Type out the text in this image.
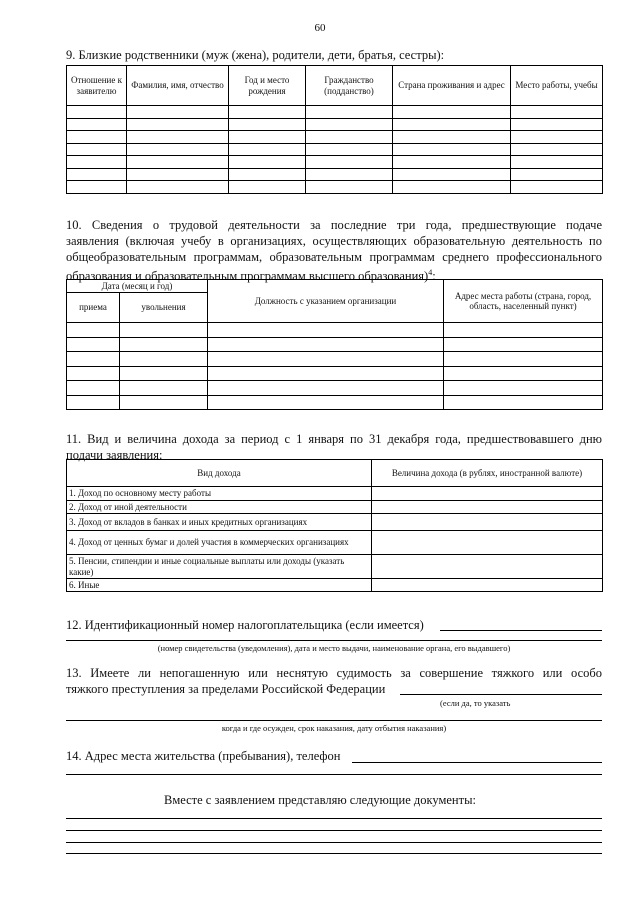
60
9. Близкие родственники (муж (жена), родители, дети, братья, сестры):
Отношение к заявителю	Фамилия, имя, отчество	Год и место рождения	Гражданство (подданство)	Страна проживания и адрес	Место работы, учебы

10. Сведения о трудовой деятельности за последние три года, предшествующие подаче
заявления (включая учебу в организациях, осуществляющих образовательную деятельность по
общеобразовательным программам, образовательным программам среднего профессионального
образования и образовательным программам высшего образования)$^4$:
Дата (месяц и год)		Должность с указанием организации	Адрес места работы (страна, город, область, населенный пункт)
приема	увольнения		

11. Вид и величина дохода за период с 1 января по 31 декабря года, предшествовавшего дню
подачи заявления:
Вид дохода	Величина дохода (в рублях, иностранной валюте)
1. Доход по основному месту работы	
2. Доход от иной деятельности	
3. Доход от вкладов в банках и иных кредитных организациях	
4. Доход от ценных бумаг и долей участия в коммерческих организациях	
5. Пенсии, стипендии и иные социальные выплаты или доходы (указать какие)	
6. Иные	
12. Идентификационный номер налогоплательщика (если имеется)
(номер свидетельства (уведомления), дата и место выдачи, наименование органа, его выдавшего)
13. Имеете ли непогашенную или неснятую судимость за совершение тяжкого или особо
тяжкого преступления за пределами Российской Федерации
(если да, то указать
когда и где осужден, срок наказания, дату отбытия наказания)
14. Адрес места жительства (пребывания), телефон
Вместе с заявлением представляю следующие документы:
